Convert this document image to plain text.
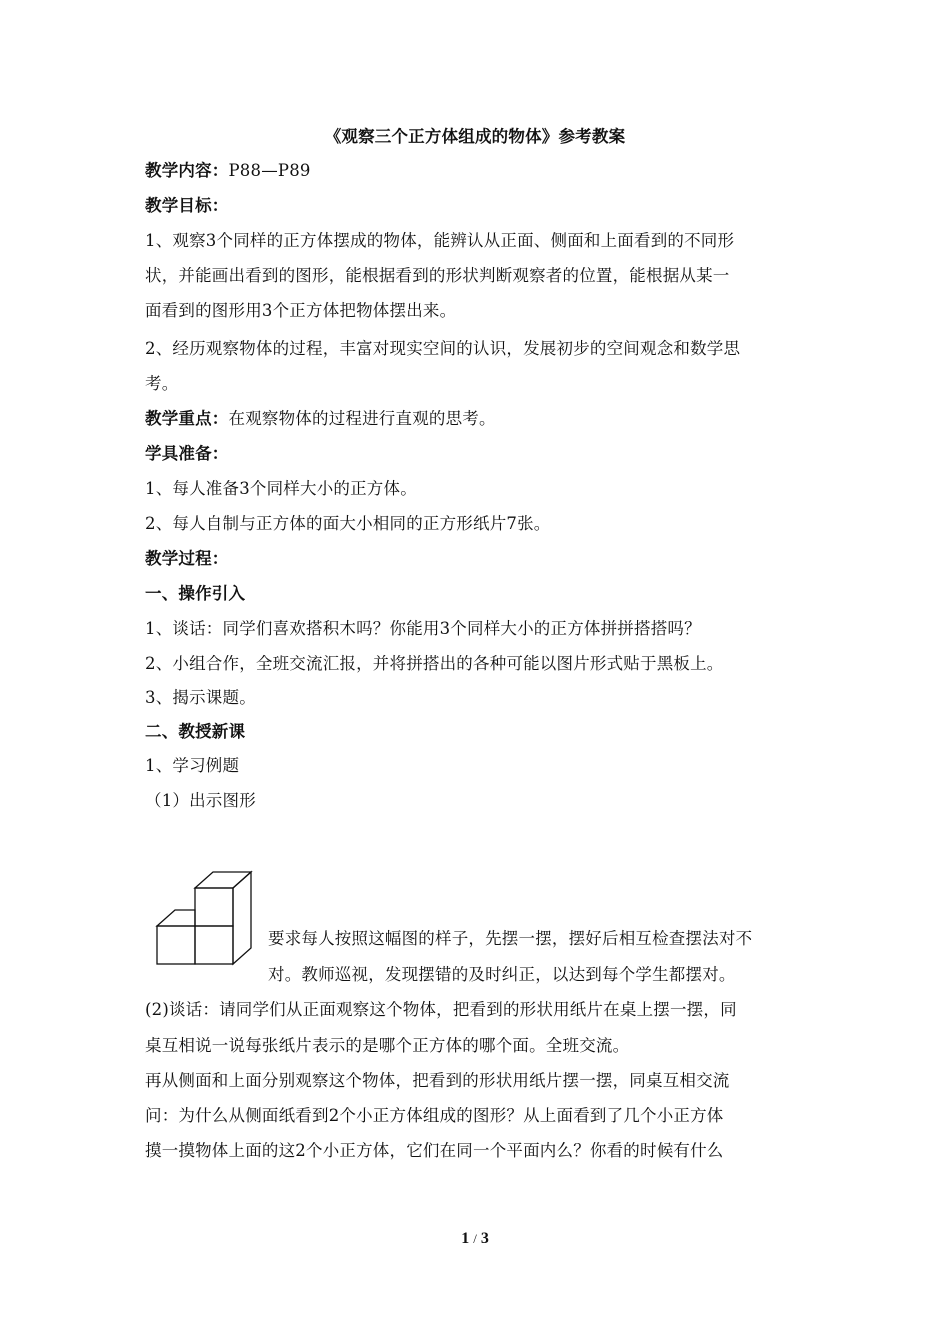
《观察三个正方体组成的物体》参考教案
教学内容：P88—P89
教学目标：
1、观察3个同样的正方体摆成的物体，能辨认从正面、侧面和上面看到的不同形
状，并能画出看到的图形，能根据看到的形状判断观察者的位置，能根据从某一
面看到的图形用3个正方体把物体摆出来。
2、经历观察物体的过程，丰富对现实空间的认识，发展初步的空间观念和数学思
考。
教学重点：在观察物体的过程进行直观的思考。
学具准备：
1、每人准备3个同样大小的正方体。
2、每人自制与正方体的面大小相同的正方形纸片7张。
教学过程：
一、操作引入
1、谈话：同学们喜欢搭积木吗？你能用3个同样大小的正方体拼拼搭搭吗？
2、小组合作，全班交流汇报，并将拼搭出的各种可能以图片形式贴于黑板上。
3、揭示课题。
二、教授新课
1、学习例题
（1）出示图形
要求每人按照这幅图的样子，先摆一摆，摆好后相互检查摆法对不
对。教师巡视，发现摆错的及时纠正，以达到每个学生都摆对。
(2)谈话：请同学们从正面观察这个物体，把看到的形状用纸片在桌上摆一摆，同
桌互相说一说每张纸片表示的是哪个正方体的哪个面。全班交流。
再从侧面和上面分别观察这个物体，把看到的形状用纸片摆一摆，同桌互相交流
问：为什么从侧面纸看到2个小正方体组成的图形？从上面看到了几个小正方体
摸一摸物体上面的这2个小正方体，它们在同一个平面内么？你看的时候有什么
1 / 3
